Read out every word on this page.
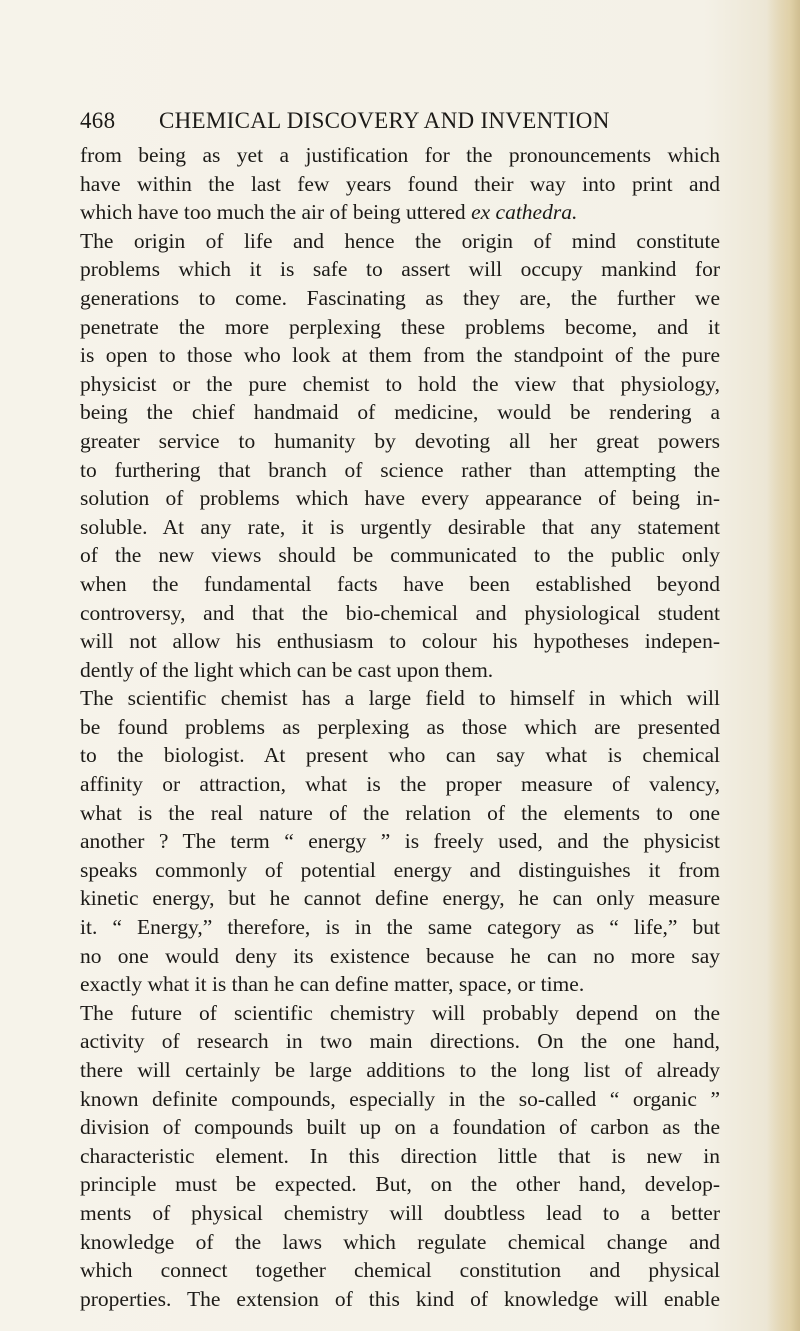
468 CHEMICAL DISCOVERY AND INVENTION
from being as yet a justification for the pronouncements which
have within the last few years found their way into print and
which have too much the air of being uttered ex cathedra.
The origin of life and hence the origin of mind constitute
problems which it is safe to assert will occupy mankind for
generations to come. Fascinating as they are, the further we
penetrate the more perplexing these problems become, and it
is open to those who look at them from the standpoint of the pure
physicist or the pure chemist to hold the view that physiology,
being the chief handmaid of medicine, would be rendering a
greater service to humanity by devoting all her great powers
to furthering that branch of science rather than attempting the
solution of problems which have every appearance of being in-
soluble. At any rate, it is urgently desirable that any statement
of the new views should be communicated to the public only
when the fundamental facts have been established beyond
controversy, and that the bio-chemical and physiological student
will not allow his enthusiasm to colour his hypotheses indepen-
dently of the light which can be cast upon them.
The scientific chemist has a large field to himself in which will
be found problems as perplexing as those which are presented
to the biologist. At present who can say what is chemical
affinity or attraction, what is the proper measure of valency,
what is the real nature of the relation of the elements to one
another ? The term “ energy ” is freely used, and the physicist
speaks commonly of potential energy and distinguishes it from
kinetic energy, but he cannot define energy, he can only measure
it. “ Energy,” therefore, is in the same category as “ life,” but
no one would deny its existence because he can no more say
exactly what it is than he can define matter, space, or time.
The future of scientific chemistry will probably depend on the
activity of research in two main directions. On the one hand,
there will certainly be large additions to the long list of already
known definite compounds, especially in the so-called “ organic ”
division of compounds built up on a foundation of carbon as the
characteristic element. In this direction little that is new in
principle must be expected. But, on the other hand, develop-
ments of physical chemistry will doubtless lead to a better
knowledge of the laws which regulate chemical change and
which connect together chemical constitution and physical
properties. The extension of this kind of knowledge will enable
